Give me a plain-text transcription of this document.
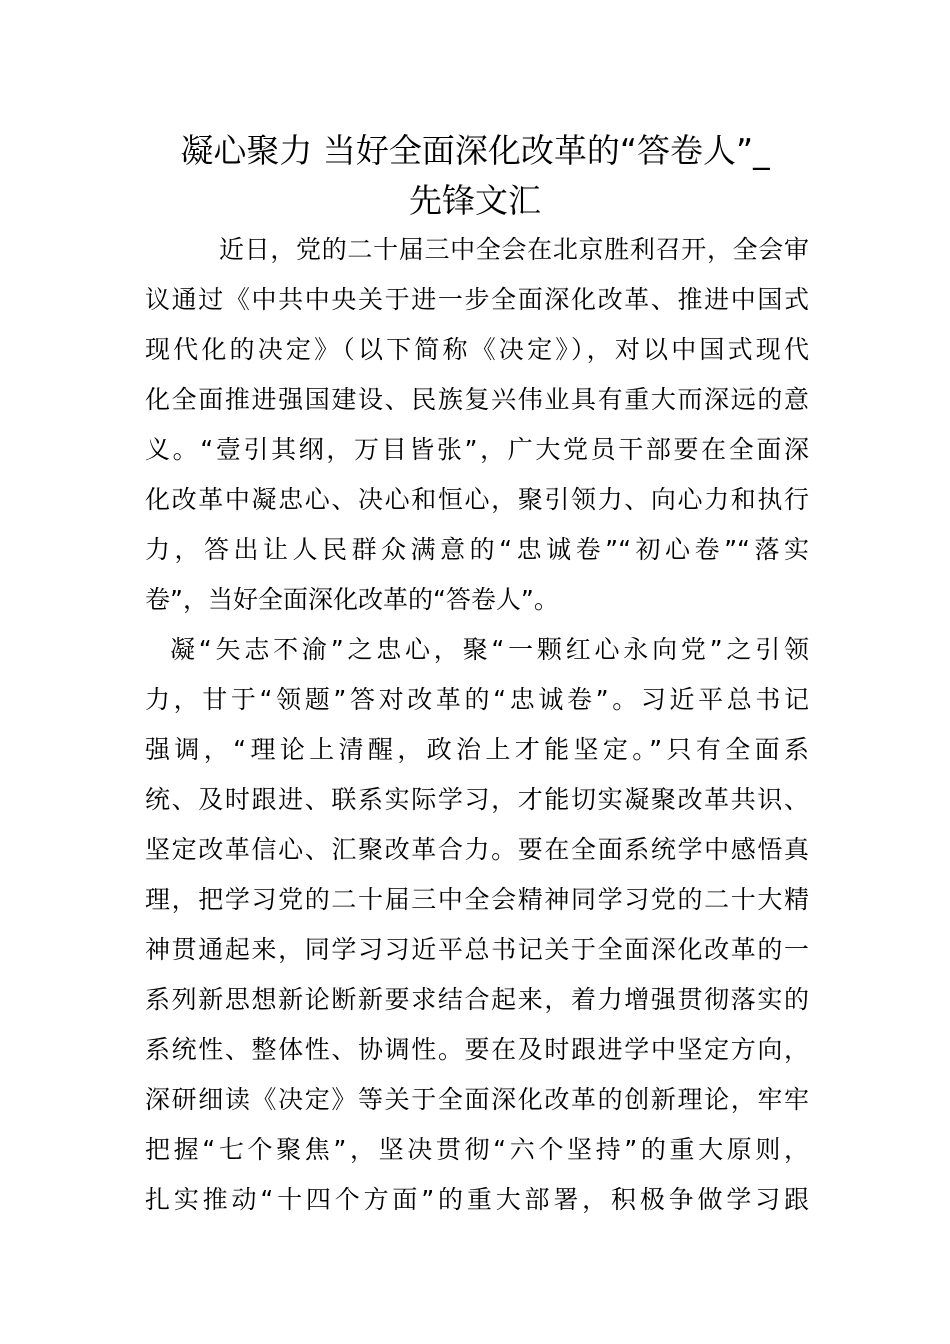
凝心聚力 当好全面深化改革的“答卷人”_
先锋文汇
近日，党的二十届三中全会在北京胜利召开，全会审
议通过《中共中央关于进一步全面深化改革、推进中国式
现代化的决定》（以下简称《决定》），对以中国式现代
化全面推进强国建设、民族复兴伟业具有重大而深远的意
义。“壹引其纲，万目皆张”，广大党员干部要在全面深
化改革中凝忠心、决心和恒心，聚引领力、向心力和执行
力，答出让人民群众满意的“忠诚卷”“初心卷”“落实
卷”，当好全面深化改革的“答卷人”。
凝“矢志不渝”之忠心，聚“一颗红心永向党”之引领
力，甘于“领题”答对改革的“忠诚卷”。习近平总书记
强调，“理论上清醒，政治上才能坚定。”只有全面系
统、及时跟进、联系实际学习，才能切实凝聚改革共识、
坚定改革信心、汇聚改革合力。要在全面系统学中感悟真
理，把学习党的二十届三中全会精神同学习党的二十大精
神贯通起来，同学习习近平总书记关于全面深化改革的一
系列新思想新论断新要求结合起来，着力增强贯彻落实的
系统性、整体性、协调性。要在及时跟进学中坚定方向，
深研细读《决定》等关于全面深化改革的创新理论，牢牢
把握“七个聚焦”，坚决贯彻“六个坚持”的重大原则，
扎实推动“十四个方面”的重大部署，积极争做学习跟
